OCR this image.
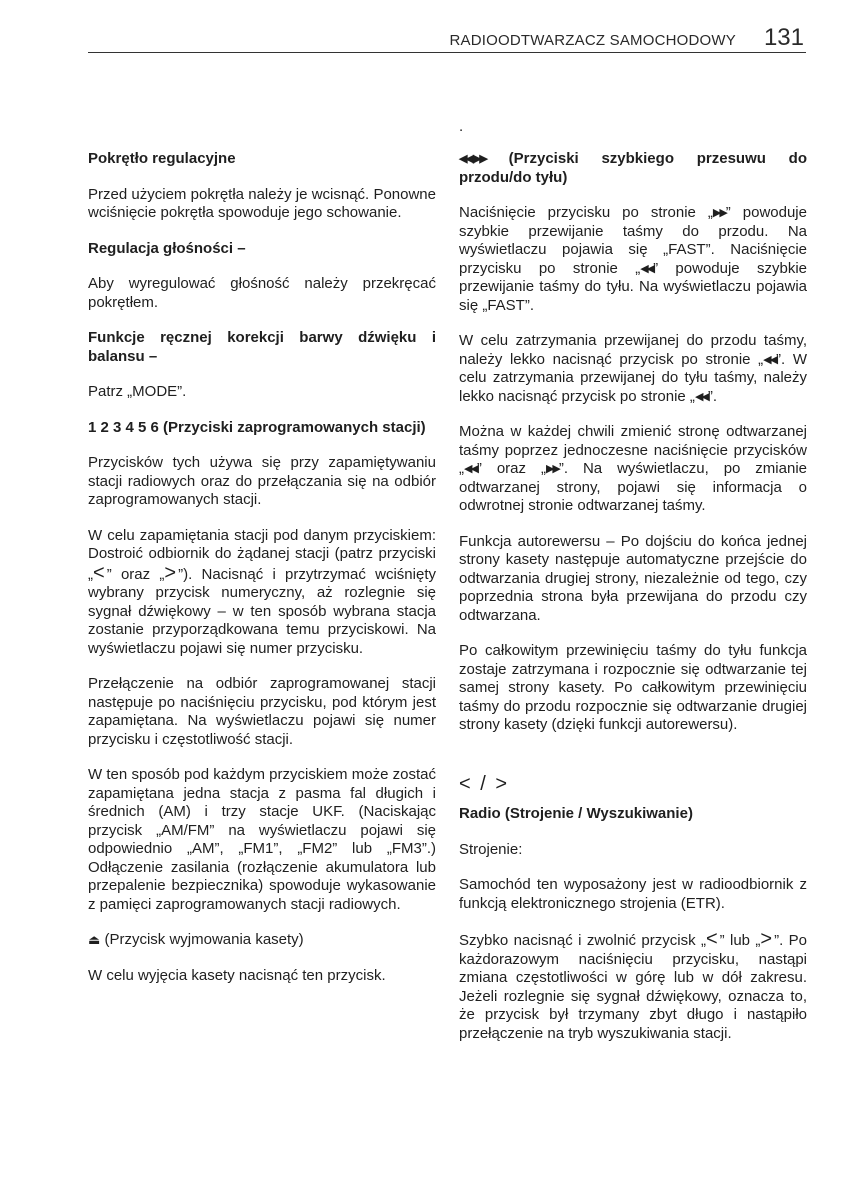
RADIOODTWARZACZ SAMOCHODOWY 131
.

Pokrętło regulacyjne

Przed użyciem pokrętła należy je wcisnąć. Ponowne wciśnięcie pokrętła spowoduje jego schowanie.

Regulacja głośności –

Aby wyregulować głośność należy przekręcać pokrętłem.

Funkcje ręcznej korekcji barwy dźwięku i balansu –

Patrz „MODE”.

1 2 3 4 5 6 (Przyciski zaprogramowanych stacji)

Przycisków tych używa się przy zapamiętywaniu stacji radiowych oraz do przełączania się na odbiór zaprogramowanych stacji.

W celu zapamiętania stacji pod danym przyciskiem: Dostroić odbiornik do żądanej stacji (patrz przyciski „<” oraz „>”). Nacisnąć i przytrzymać wciśnięty wybrany przycisk numeryczny, aż rozlegnie się sygnał dźwiękowy – w ten sposób wybrana stacja zostanie przyporządkowana temu przyciskowi. Na wyświetlaczu pojawi się numer przycisku.

Przełączenie na odbiór zaprogramowanej stacji następuje po naciśnięciu przycisku, pod którym jest zapamiętana. Na wyświetlaczu pojawi się numer przycisku i częstotliwość stacji.

W ten sposób pod każdym przyciskiem może zostać zapamiętana jedna stacja z pasma fal długich i średnich (AM) i trzy stacje UKF. (Naciskając przycisk „AM/FM” na wyświetlaczu pojawi się odpowiednio „AM”, „FM1”, „FM2” lub „FM3”.) Odłączenie zasilania (rozłączenie akumulatora lub przepalenie bezpiecznika) spowoduje wykasowanie z pamięci zaprogramowanych stacji radiowych.

⏏ (Przycisk wyjmowania kasety)

W celu wyjęcia kasety nacisnąć ten przycisk.

◀◀ ▶▶ (Przyciski szybkiego przesuwu do przodu/do tyłu)

Naciśnięcie przycisku po stronie „▶▶” powoduje szybkie przewijanie taśmy do przodu. Na wyświetlaczu pojawia się „FAST”. Naciśnięcie przycisku po stronie „◀◀” powoduje szybkie przewijanie taśmy do tyłu. Na wyświetlaczu pojawia się „FAST”.

W celu zatrzymania przewijanej do przodu taśmy, należy lekko nacisnąć przycisk po stronie „◀◀”. W celu zatrzymania przewijanej do tyłu taśmy, należy lekko nacisnąć przycisk po stronie „◀◀”.

Można w każdej chwili zmienić stronę odtwarzanej taśmy poprzez jednoczesne naciśnięcie przycisków „◀◀” oraz „▶▶”. Na wyświetlaczu, po zmianie odtwarzanej strony, pojawi się informacja o odwrotnej stronie odtwarzanej taśmy.

Funkcja autorewersu – Po dojściu do końca jednej strony kasety następuje automatyczne przejście do odtwarzania drugiej strony, niezależnie od tego, czy poprzednia strona była przewijana do przodu czy odtwarzana.

Po całkowitym przewinięciu taśmy do tyłu funkcja zostaje zatrzymana i rozpocznie się odtwarzanie tej samej strony kasety. Po całkowitym przewinięciu taśmy do przodu rozpocznie się odtwarzanie drugiej strony kasety (dzięki funkcji autorewersu).

< / >

Radio (Strojenie / Wyszukiwanie)

Strojenie:

Samochód ten wyposażony jest w radioodbiornik z funkcją elektronicznego strojenia (ETR).

Szybko nacisnąć i zwolnić przycisk „<” lub „>”. Po każdorazowym naciśnięciu przycisku, nastąpi zmiana częstotliwości w górę lub w dół zakresu. Jeżeli rozlegnie się sygnał dźwiękowy, oznacza to, że przycisk był trzymany zbyt długo i nastąpiło przełączenie na tryb wyszukiwania stacji.
